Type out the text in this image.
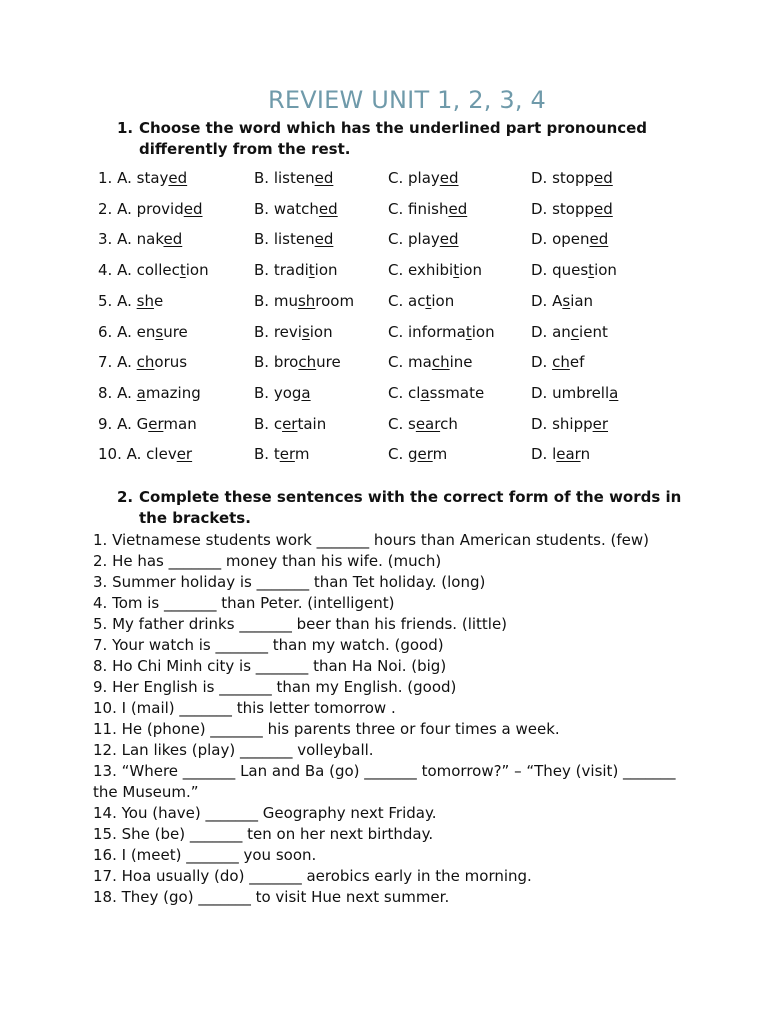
REVIEW UNIT 1, 2, 3, 4
1. Choose the word which has the underlined part pronounced differently from the rest.
1. A. stayed	B. listened	C. played	D. stopped
2. A. provided	B. watched	C. finished	D. stopped
3. A. naked	B. listened	C. played	D. opened
4. A. collection	B. tradition	C. exhibition	D. question
5. A. she	B. mushroom C. action	D. Asian
6. A. ensure	B. revision	C. information D. ancient
7. A. chorus	B. brochure	C. machine	D. chef
8. A. amazing	B. yoga	C. classmate	D. umbrella
9. A. German	B. certain	C. search	D. shipper
10. A. clever	B. term	C. germ	D. learn
2. Complete these sentences with the correct form of the words in the brackets.
1. Vietnamese students work _______ hours than American students. (few)
2. He has _______ money than his wife. (much)
3. Summer holiday is _______ than Tet holiday. (long)
4. Tom is _______ than Peter. (intelligent)
5. My father drinks _______ beer than his friends. (little)
7. Your watch is _______ than my watch. (good)
8. Ho Chi Minh city is _______ than Ha Noi. (big)
9. Her English is _______ than my English. (good)
10. I (mail) _______ this letter tomorrow .
11. He (phone) _______ his parents three or four times a week.
12. Lan likes (play) _______ volleyball.
13. “Where _______ Lan and Ba (go) _______ tomorrow?” – “They (visit) _______ the Museum.”
14. You (have) _______ Geography next Friday.
15. She (be) _______ ten on her next birthday.
16. I (meet) _______ you soon.
17. Hoa usually (do) _______ aerobics early in the morning.
18. They (go) _______ to visit Hue next summer.
